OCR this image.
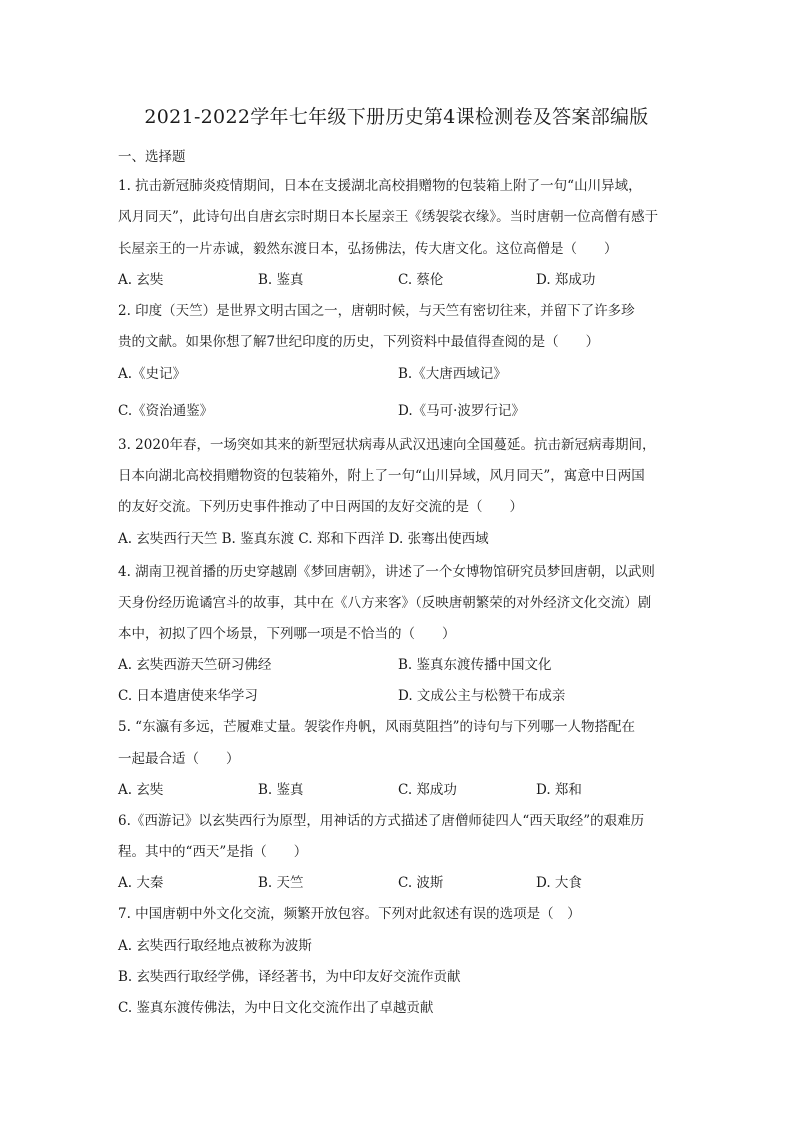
2021-2022学年七年级下册历史第4课检测卷及答案部编版
一、选择题
1. 抗击新冠肺炎疫情期间，日本在支援湖北高校捐赠物的包装箱上附了一句“山川异域，
风月同天”，此诗句出自唐玄宗时期日本长屋亲王《绣袈裟衣缘》。当时唐朝一位高僧有感于
长屋亲王的一片赤诚，毅然东渡日本，弘扬佛法，传大唐文化。这位高僧是（　　）
A. 玄奘	B. 鉴真	C. 蔡伦	D. 郑成功
2. 印度（天竺）是世界文明古国之一，唐朝时候，与天竺有密切往来，并留下了许多珍
贵的文献。如果你想了解7世纪印度的历史，下列资料中最值得查阅的是（　　）
A.《史记》	B.《大唐西域记》
C.《资治通鉴》	D.《马可·波罗行记》
3. 2020年春，一场突如其来的新型冠状病毒从武汉迅速向全国蔓延。抗击新冠病毒期间，
日本向湖北高校捐赠物资的包装箱外，附上了一句“山川异域，风月同天”，寓意中日两国
的友好交流。下列历史事件推动了中日两国的友好交流的是（　　）
A. 玄奘西行天竺 B. 鉴真东渡 C. 郑和下西洋 D. 张骞出使西域
4. 湖南卫视首播的历史穿越剧《梦回唐朝》，讲述了一个女博物馆研究员梦回唐朝，以武则
天身份经历诡谲宫斗的故事，其中在《八方来客》（反映唐朝繁荣的对外经济文化交流）剧
本中，初拟了四个场景，下列哪一项是不恰当的（　　）
A. 玄奘西游天竺研习佛经	B. 鉴真东渡传播中国文化
C. 日本遣唐使来华学习	D. 文成公主与松赞干布成亲
5. “东瀛有多远，芒履难丈量。袈裟作舟帆，风雨莫阻挡”的诗句与下列哪一人物搭配在
一起最合适（　　）
A. 玄奘	B. 鉴真	C. 郑成功	D. 郑和
6.《西游记》以玄奘西行为原型，用神话的方式描述了唐僧师徒四人“西天取经”的艰难历
程。其中的“西天”是指（　　）
A. 大秦	B. 天竺	C. 波斯	D. 大食
7. 中国唐朝中外文化交流，频繁开放包容。下列对此叙述有误的选项是（　）
A. 玄奘西行取经地点被称为波斯
B. 玄奘西行取经学佛，译经著书，为中印友好交流作贡献
C. 鉴真东渡传佛法，为中日文化交流作出了卓越贡献
